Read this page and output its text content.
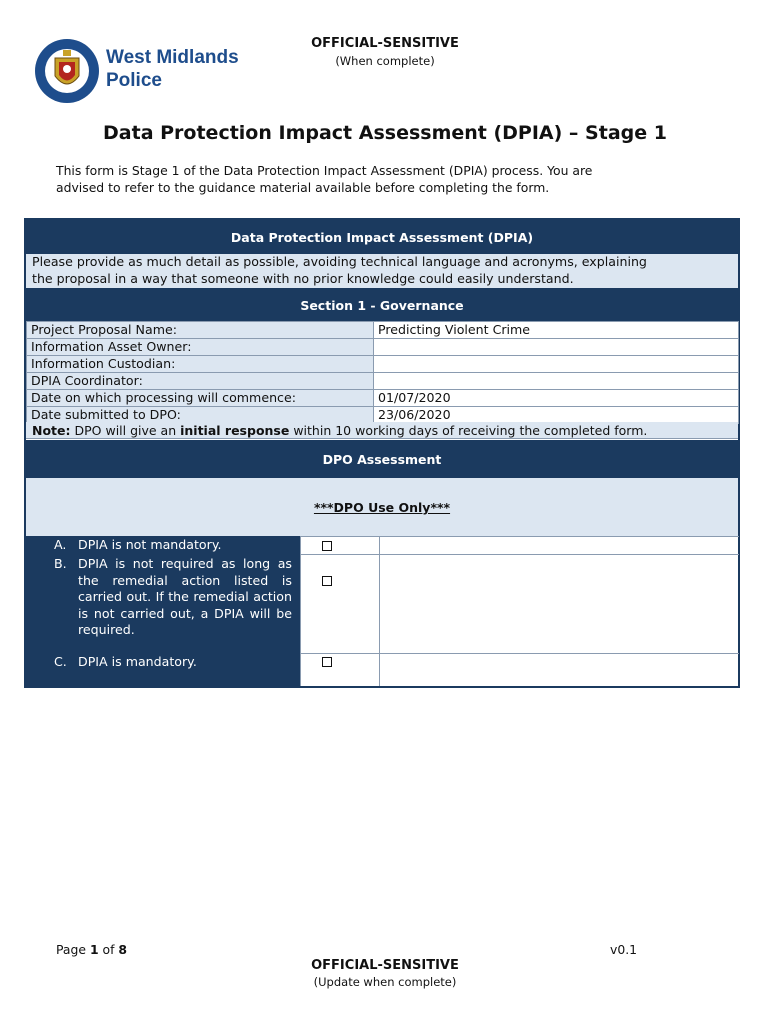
West Midlands
Police
OFFICIAL-SENSITIVE
(When complete)
Data Protection Impact Assessment (DPIA) – Stage 1
This form is Stage 1 of the Data Protection Impact Assessment (DPIA) process. You are
advised to refer to the guidance material available before completing the form.
Data Protection Impact Assessment (DPIA)
Please provide as much detail as possible, avoiding technical language and acronyms, explaining
the proposal in a way that someone with no prior knowledge could easily understand.
Section 1 - Governance
Project Proposal Name:	Predicting Violent Crime
Information Asset Owner:	
Information Custodian:	
DPIA Coordinator:	
Date on which processing will commence:	01/07/2020
Date submitted to DPO:	23/06/2020
Note: DPO will give an initial response within 10 working days of receiving the completed form.
DPO Assessment
***DPO Use Only***
A. DPIA is not mandatory.
B. DPIA is not required as long as the remedial action listed is carried out. If the remedial action is not carried out, a DPIA will be required.
C. DPIA is mandatory.
Page 1 of 8	v0.1
OFFICIAL-SENSITIVE
(Update when complete)
